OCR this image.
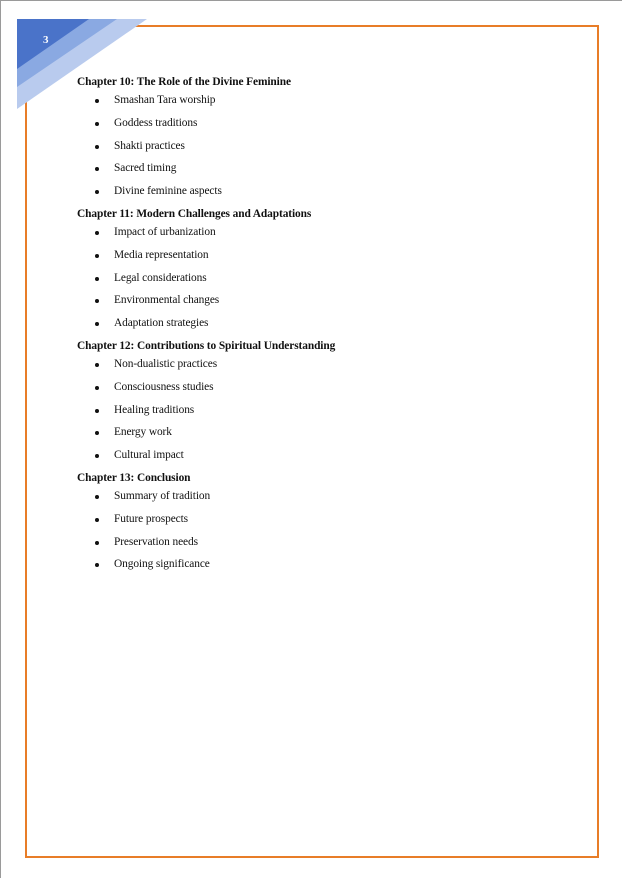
3

Chapter 10: The Role of the Divine Feminine

Smashan Tara worship
Goddess traditions
Shakti practices
Sacred timing
Divine feminine aspects

Chapter 11: Modern Challenges and Adaptations

Impact of urbanization
Media representation
Legal considerations
Environmental changes
Adaptation strategies

Chapter 12: Contributions to Spiritual Understanding

Non-dualistic practices
Consciousness studies
Healing traditions
Energy work
Cultural impact

Chapter 13: Conclusion

Summary of tradition
Future prospects
Preservation needs
Ongoing significance
